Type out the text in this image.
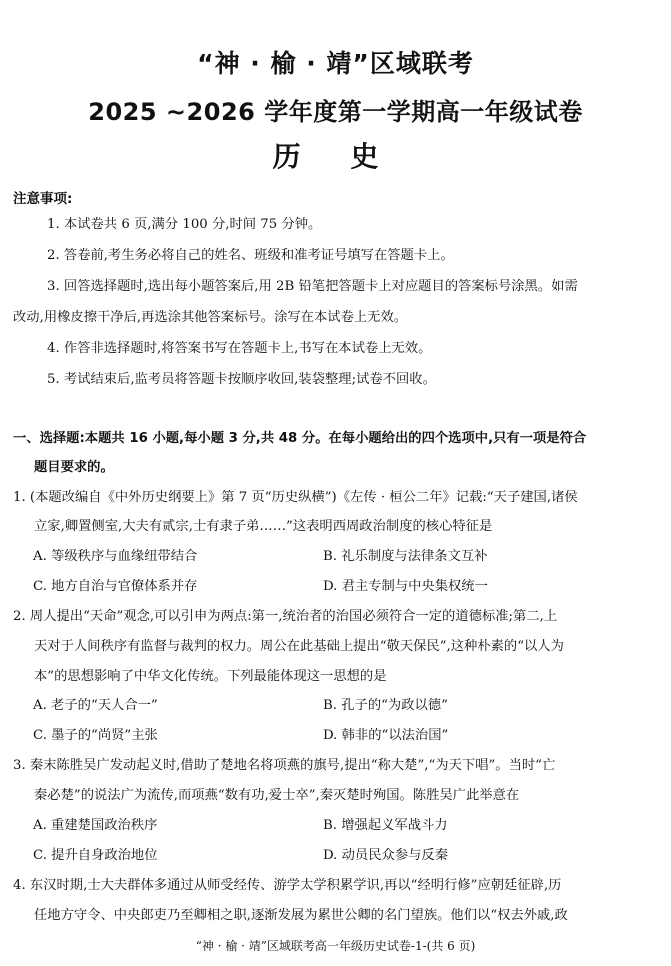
“神 · 榆 · 靖”区域联考
2025 ~2026 学年度第一学期高一年级试卷
历 史
注意事项:
1. 本试卷共 6 页,满分 100 分,时间 75 分钟。
2. 答卷前,考生务必将自己的姓名、班级和准考证号填写在答题卡上。
3. 回答选择题时,选出每小题答案后,用 2B 铅笔把答题卡上对应题目的答案标号涂黑。如需
改动,用橡皮擦干净后,再选涂其他答案标号。涂写在本试卷上无效。
4. 作答非选择题时,将答案书写在答题卡上,书写在本试卷上无效。
5. 考试结束后,监考员将答题卡按顺序收回,装袋整理;试卷不回收。
一、选择题:本题共 16 小题,每小题 3 分,共 48 分。在每小题给出的四个选项中,只有一项是符合
题目要求的。
1. (本题改编自《中外历史纲要上》第 7 页“历史纵横”)《左传 · 桓公二年》记载:“天子建国,诸侯
立家,卿置侧室,大夫有贰宗,士有隶子弟……”这表明西周政治制度的核心特征是
A. 等级秩序与血缘纽带结合	B. 礼乐制度与法律条文互补
C. 地方自治与官僚体系并存	D. 君主专制与中央集权统一
2. 周人提出“天命”观念,可以引申为两点:第一,统治者的治国必须符合一定的道德标准;第二,上
天对于人间秩序有监督与裁判的权力。周公在此基础上提出“敬天保民”,这种朴素的“以人为
本”的思想影响了中华文化传统。下列最能体现这一思想的是
A. 老子的“天人合一”	B. 孔子的“为政以德”
C. 墨子的“尚贤”主张	D. 韩非的“以法治国”
3. 秦末陈胜吴广发动起义时,借助了楚地名将项燕的旗号,提出“称大楚”,“为天下唱”。当时“亡
秦必楚”的说法广为流传,而项燕“数有功,爱士卒”,秦灭楚时殉国。陈胜吴广此举意在
A. 重建楚国政治秩序	B. 增强起义军战斗力
C. 提升自身政治地位	D. 动员民众参与反秦
4. 东汉时期,士大夫群体多通过从师受经传、游学太学积累学识,再以“经明行修”应朝廷征辟,历
任地方守令、中央郎吏乃至卿相之职,逐渐发展为累世公卿的名门望族。他们以“权去外戚,政
“神 · 榆 · 靖”区域联考高一年级历史试卷-1-(共 6 页)
